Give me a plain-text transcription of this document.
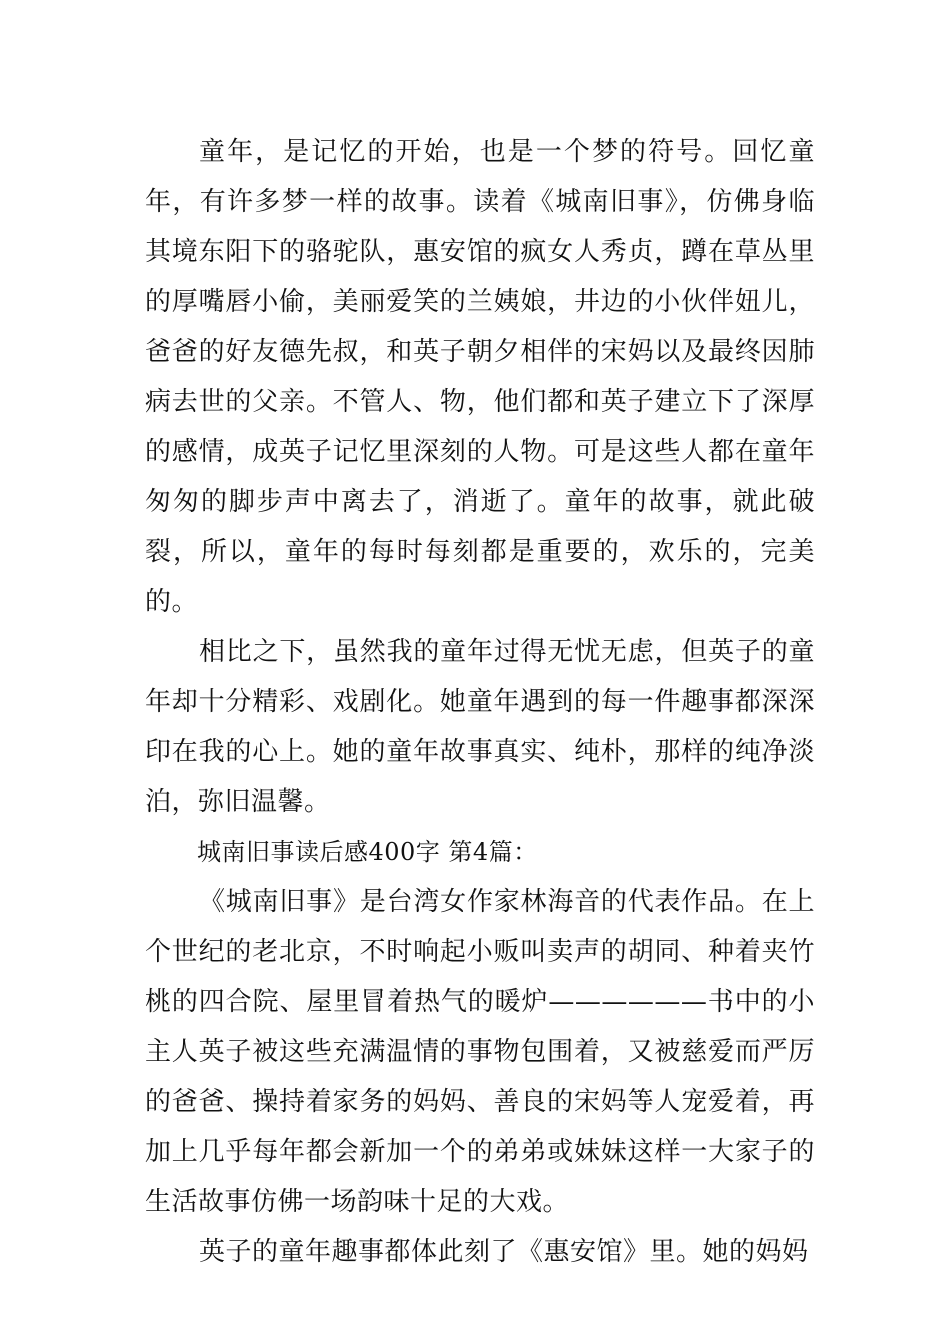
童年，是记忆的开始，也是一个梦的符号。回忆童年，有许多梦一样的故事。读着《城南旧事》，仿佛身临其境东阳下的骆驼队，惠安馆的疯女人秀贞，蹲在草丛里的厚嘴唇小偷，美丽爱笑的兰姨娘，井边的小伙伴妞儿，爸爸的好友德先叔，和英子朝夕相伴的宋妈以及最终因肺病去世的父亲。不管人、物，他们都和英子建立下了深厚的感情，成英子记忆里深刻的人物。可是这些人都在童年匆匆的脚步声中离去了，消逝了。童年的故事，就此破裂，所以，童年的每时每刻都是重要的，欢乐的，完美的。

相比之下，虽然我的童年过得无忧无虑，但英子的童年却十分精彩、戏剧化。她童年遇到的每一件趣事都深深印在我的心上。她的童年故事真实、纯朴，那样的纯净淡泊，弥旧温馨。

城南旧事读后感400字 第4篇：

《城南旧事》是台湾女作家林海音的代表作品。在上个世纪的老北京，不时响起小贩叫卖声的胡同、种着夹竹桃的四合院、屋里冒着热气的暖炉——————书中的小主人英子被这些充满温情的事物包围着，又被慈爱而严厉的爸爸、操持着家务的妈妈、善良的宋妈等人宠爱着，再加上几乎每年都会新加一个的弟弟或妹妹这样一大家子的生活故事仿佛一场韵味十足的大戏。

英子的童年趣事都体此刻了《惠安馆》里。她的妈妈
